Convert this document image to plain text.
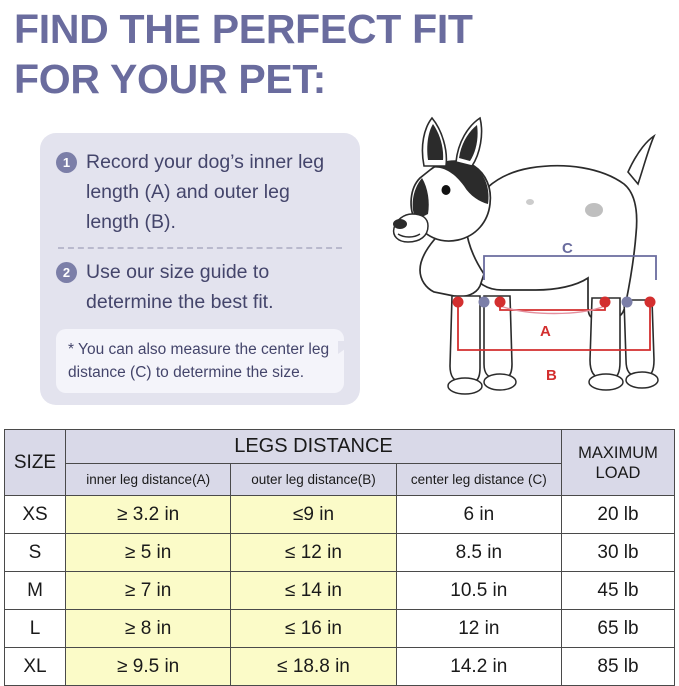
FIND THE PERFECT FIT
FOR YOUR PET:
1 Record your dog’s inner leg length (A) and outer leg length (B).
2 Use our size guide to determine the best fit.
* You can also measure the center leg distance (C) to determine the size.
A
B
C
SIZE	LEGS DISTANCE			MAXIMUM
LOAD
	inner leg distance(A)	outer leg distance(B)	center leg distance (C)	
XS	≥ 3.2 in	≤9 in	6 in	20 lb
S	≥ 5 in	≤ 12 in	8.5 in	30 lb
M	≥ 7 in	≤ 14 in	10.5 in	45 lb
L	≥ 8 in	≤ 16 in	12 in	65 lb
XL	≥ 9.5 in	≤ 18.8 in	14.2 in	85 lb
